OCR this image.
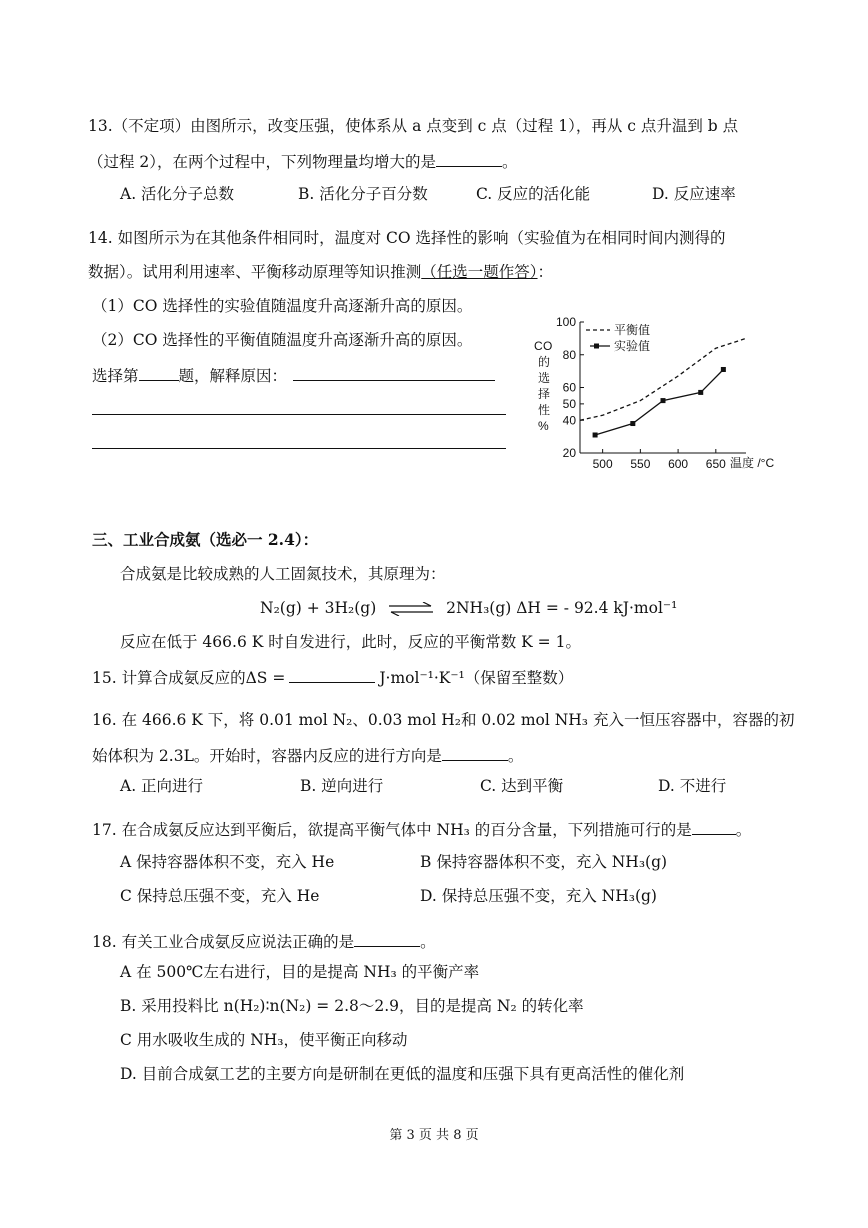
13.（不定项）由图所示，改变压强，使体系从 a 点变到 c 点（过程 1），再从 c 点升温到 b 点
（过程 2），在两个过程中，下列物理量均增大的是	。
A. 活化分子总数	B. 活化分子百分数	C. 反应的活化能	D. 反应速率
14. 如图所示为在其他条件相同时，温度对 CO 选择性的影响（实验值为在相同时间内测得的
数据）。试用利用速率、平衡移动原理等知识推测（任选一题作答）：
（1）CO 选择性的实验值随温度升高逐渐升高的原因。
（2）CO 选择性的平衡值随温度升高逐渐升高的原因。
选择第	题，解释原因：
C O
的
选
择
性
%
20
40
50
60
80
100
500 550 600 650 温度 /°C
平衡值
实验值
三、工业合成氨（选必一 2.4）：
合成氨是比较成熟的人工固氮技术，其原理为：
N₂(g) + 3H₂(g) ⇌ 2NH₃(g) ΔH = - 92.4 kJ·mol⁻¹
反应在低于 466.6 K 时自发进行，此时，反应的平衡常数 K = 1。
15. 计算合成氨反应的ΔS =	J·mol⁻¹·K⁻¹（保留至整数）
16. 在 466.6 K 下，将 0.01 mol N₂、0.03 mol H₂和 0.02 mol NH₃ 充入一恒压容器中，容器的初
始体积为 2.3L。开始时，容器内反应的进行方向是	。
A. 正向进行	B. 逆向进行	C. 达到平衡	D. 不进行
17. 在合成氨反应达到平衡后，欲提高平衡气体中 NH₃ 的百分含量，下列措施可行的是	。
A 保持容器体积不变，充入 He	B 保持容器体积不变，充入 NH₃(g)
C 保持总压强不变，充入 He	D. 保持总压强不变，充入 NH₃(g)
18. 有关工业合成氨反应说法正确的是	。
A 在 500℃左右进行，目的是提高 NH₃ 的平衡产率
B. 采用投料比 n(H₂)∶n(N₂) = 2.8～2.9，目的是提高 N₂ 的转化率
C 用水吸收生成的 NH₃，使平衡正向移动
D. 目前合成氨工艺的主要方向是研制在更低的温度和压强下具有更高活性的催化剂
第 3 页 共 8 页
